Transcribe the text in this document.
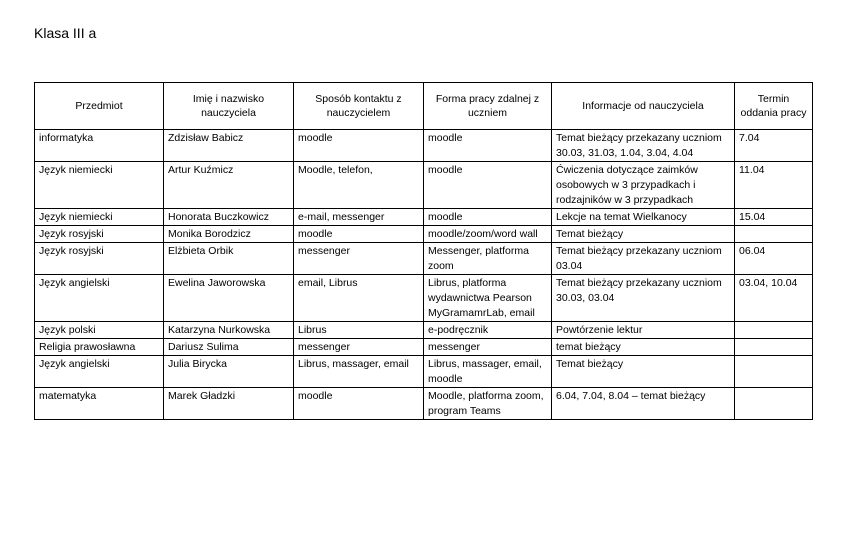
Klasa III a
Przedmiot	Imię i nazwisko nauczyciela	Sposób kontaktu z nauczycielem	Forma pracy zdalnej z uczniem	Informacje od nauczyciela	Termin oddania pracy
informatyka	Zdzisław Babicz	moodle	moodle	Temat bieżący przekazany uczniom 30.03, 31.03, 1.04, 3.04, 4.04	7.04
Język niemiecki	Artur Kuźmicz	Moodle, telefon,	moodle	Ćwiczenia dotyczące zaimków osobowych w 3 przypadkach i rodzajników w 3 przypadkach	11.04
Język niemiecki	Honorata Buczkowicz	e-mail, messenger	moodle	Lekcje na temat Wielkanocy	15.04
Język rosyjski	Monika Borodzicz	moodle	moodle/zoom/word wall	Temat bieżący	
Język rosyjski	Elżbieta Orbik	messenger	Messenger, platforma zoom	Temat bieżący przekazany uczniom 03.04	06.04
Język angielski	Ewelina Jaworowska	email, Librus	Librus, platforma wydawnictwa Pearson MyGramamrLab, email	Temat bieżący przekazany uczniom 30.03, 03.04	03.04, 10.04
Język polski	Katarzyna Nurkowska	Librus	e-podręcznik	Powtórzenie lektur	
Religia prawosławna	Dariusz Sulima	messenger	messenger	temat bieżący	
Język angielski	Julia Birycka	Librus, massager, email	Librus, massager, email, moodle	Temat bieżący	
matematyka	Marek Gładzki	moodle	Moodle, platforma zoom, program Teams	6.04, 7.04, 8.04 – temat bieżący	
